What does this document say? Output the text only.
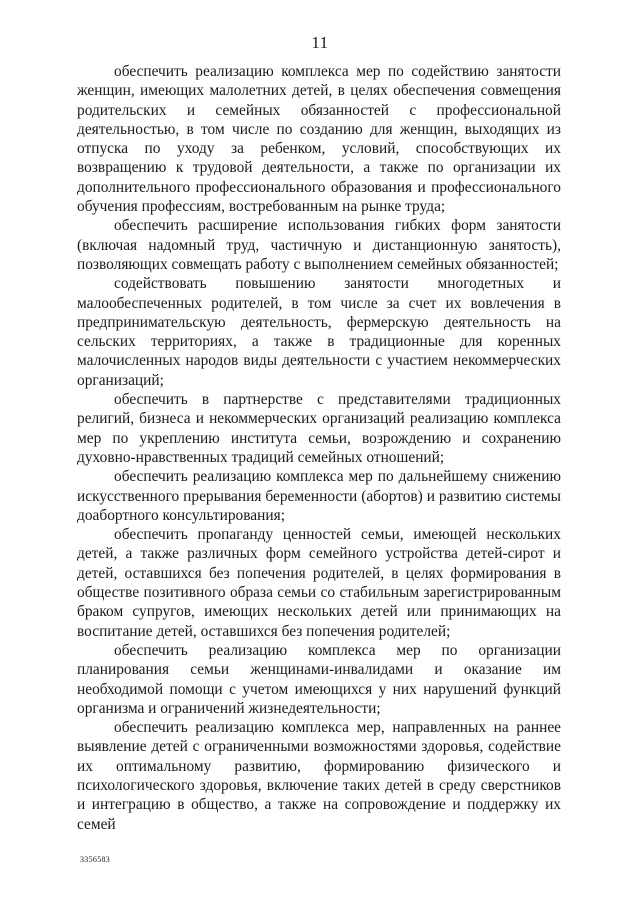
11

обеспечить реализацию комплекса мер по содействию занятости женщин, имеющих малолетних детей, в целях обеспечения совмещения родительских и семейных обязанностей с профессиональной деятельностью, в том числе по созданию для женщин, выходящих из отпуска по уходу за ребенком, условий, способствующих их возвращению к трудовой деятельности, а также по организации их дополнительного профессионального образования и профессионального обучения профессиям, востребованным на рынке труда;

обеспечить расширение использования гибких форм занятости (включая надомный труд, частичную и дистанционную занятость), позволяющих совмещать работу с выполнением семейных обязанностей;

содействовать повышению занятости многодетных и малообеспеченных родителей, в том числе за счет их вовлечения в предпринимательскую деятельность, фермерскую деятельность на сельских территориях, а также в традиционные для коренных малочисленных народов виды деятельности с участием некоммерческих организаций;

обеспечить в партнерстве с представителями традиционных религий, бизнеса и некоммерческих организаций реализацию комплекса мер по укреплению института семьи, возрождению и сохранению духовно-нравственных традиций семейных отношений;

обеспечить реализацию комплекса мер по дальнейшему снижению искусственного прерывания беременности (абортов) и развитию системы доабортного консультирования;

обеспечить пропаганду ценностей семьи, имеющей нескольких детей, а также различных форм семейного устройства детей-сирот и детей, оставшихся без попечения родителей, в целях формирования в обществе позитивного образа семьи со стабильным зарегистрированным браком супругов, имеющих нескольких детей или принимающих на воспитание детей, оставшихся без попечения родителей;

обеспечить реализацию комплекса мер по организации планирования семьи женщинами-инвалидами и оказание им необходимой помощи с учетом имеющихся у них нарушений функций организма и ограничений жизнедеятельности;

обеспечить реализацию комплекса мер, направленных на раннее выявление детей с ограниченными возможностями здоровья, содействие их оптимальному развитию, формированию физического и психологического здоровья, включение таких детей в среду сверстников и интеграцию в общество, а также на сопровождение и поддержку их семей

3356583
